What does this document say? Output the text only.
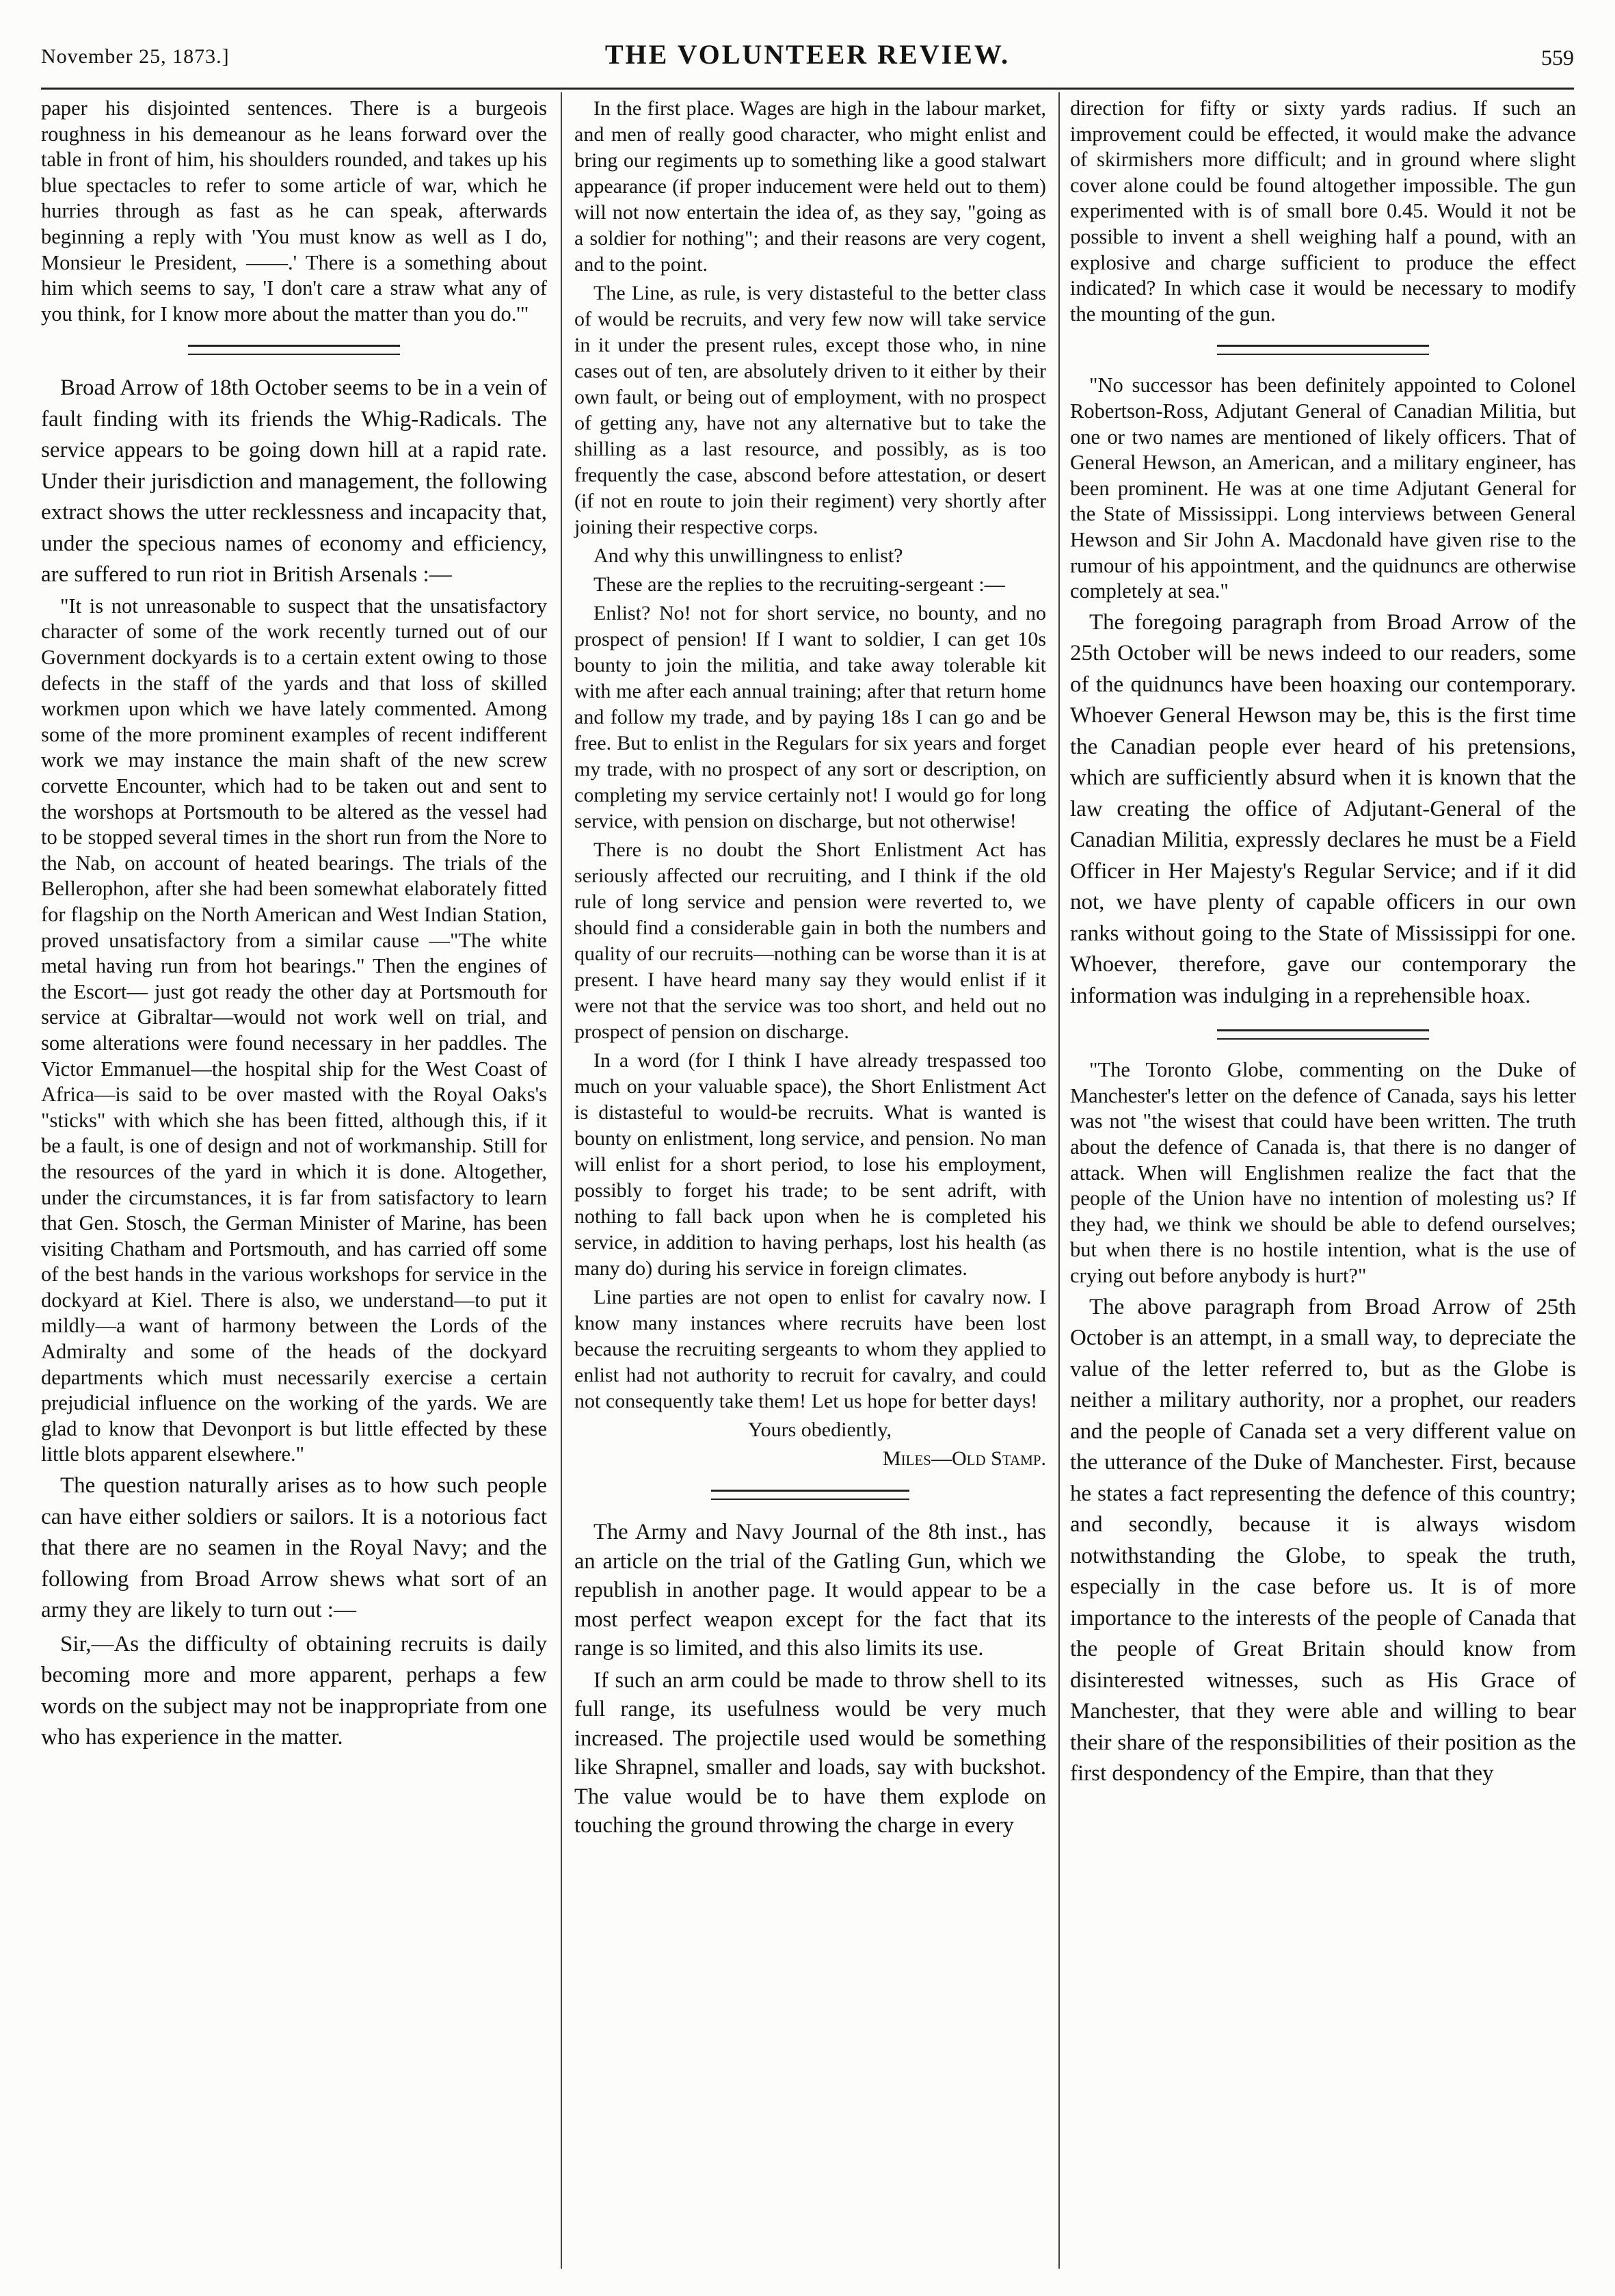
November 25, 1873.]	THE VOLUNTEER REVIEW.	559

paper his disjointed sentences. There is a burgeois roughness in his demeanour as he leans forward over the table in front of him, his shoulders rounded, and takes up his blue spectacles to refer to some article of war, which he hurries through as fast as he can speak, afterwards beginning a reply with 'You must know as well as I do, Monsieur le President, ——.' There is a something about him which seems to say, 'I don't care a straw what any of you think, for I know more about the matter than you do.'"

Broad Arrow of 18th October seems to be in a vein of fault finding with its friends the Whig-Radicals. The service appears to be going down hill at a rapid rate. Under their jurisdiction and management, the following extract shows the utter recklessness and incapacity that, under the specious names of economy and efficiency, are suffered to run riot in British Arsenals :—

"It is not unreasonable to suspect that the unsatisfactory character of some of the work recently turned out of our Government dockyards is to a certain extent owing to those defects in the staff of the yards and that loss of skilled workmen upon which we have lately commented. Among some of the more prominent examples of recent indifferent work we may instance the main shaft of the new screw corvette Encounter, which had to be taken out and sent to the worshops at Portsmouth to be altered as the vessel had to be stopped several times in the short run from the Nore to the Nab, on account of heated bearings. The trials of the Bellerophon, after she had been somewhat elaborately fitted for flagship on the North American and West Indian Station, proved unsatisfactory from a similar cause —"The white metal having run from hot bearings." Then the engines of the Escort— just got ready the other day at Portsmouth for service at Gibraltar—would not work well on trial, and some alterations were found necessary in her paddles. The Victor Emmanuel—the hospital ship for the West Coast of Africa—is said to be over masted with the Royal Oaks's "sticks" with which she has been fitted, although this, if it be a fault, is one of design and not of workmanship. Still for the resources of the yard in which it is done. Altogether, under the circumstances, it is far from satisfactory to learn that Gen. Stosch, the German Minister of Marine, has been visiting Chatham and Portsmouth, and has carried off some of the best hands in the various workshops for service in the dockyard at Kiel. There is also, we understand—to put it mildly—a want of harmony between the Lords of the Admiralty and some of the heads of the dockyard departments which must necessarily exercise a certain prejudicial influence on the working of the yards. We are glad to know that Devonport is but little effected by these little blots apparent elsewhere."

The question naturally arises as to how such people can have either soldiers or sailors. It is a notorious fact that there are no seamen in the Royal Navy; and the following from Broad Arrow shews what sort of an army they are likely to turn out :—

Sir,—As the difficulty of obtaining recruits is daily becoming more and more apparent, perhaps a few words on the subject may not be inappropriate from one who has experience in the matter.

In the first place. Wages are high in the labour market, and men of really good character, who might enlist and bring our regiments up to something like a good stalwart appearance (if proper inducement were held out to them) will not now entertain the idea of, as they say, "going as a soldier for nothing"; and their reasons are very cogent, and to the point.

The Line, as rule, is very distasteful to the better class of would be recruits, and very few now will take service in it under the present rules, except those who, in nine cases out of ten, are absolutely driven to it either by their own fault, or being out of employment, with no prospect of getting any, have not any alternative but to take the shilling as a last resource, and possibly, as is too frequently the case, abscond before attestation, or desert (if not en route to join their regiment) very shortly after joining their respective corps.

And why this unwillingness to enlist?

These are the replies to the recruiting-sergeant :—

Enlist? No! not for short service, no bounty, and no prospect of pension! If I want to soldier, I can get 10s bounty to join the militia, and take away tolerable kit with me after each annual training; after that return home and follow my trade, and by paying 18s I can go and be free. But to enlist in the Regulars for six years and forget my trade, with no prospect of any sort or description, on completing my service certainly not! I would go for long service, with pension on discharge, but not otherwise!

There is no doubt the Short Enlistment Act has seriously affected our recruiting, and I think if the old rule of long service and pension were reverted to, we should find a considerable gain in both the numbers and quality of our recruits—nothing can be worse than it is at present. I have heard many say they would enlist if it were not that the service was too short, and held out no prospect of pension on discharge.

In a word (for I think I have already trespassed too much on your valuable space), the Short Enlistment Act is distasteful to would-be recruits. What is wanted is bounty on enlistment, long service, and pension. No man will enlist for a short period, to lose his employment, possibly to forget his trade; to be sent adrift, with nothing to fall back upon when he is completed his service, in addition to having perhaps, lost his health (as many do) during his service in foreign climates.

Line parties are not open to enlist for cavalry now. I know many instances where recruits have been lost because the recruiting sergeants to whom they applied to enlist had not authority to recruit for cavalry, and could not consequently take them! Let us hope for better days!

Yours obediently,

Miles—Old Stamp.

The Army and Navy Journal of the 8th inst., has an article on the trial of the Gatling Gun, which we republish in another page. It would appear to be a most perfect weapon except for the fact that its range is so limited, and this also limits its use.

If such an arm could be made to throw shell to its full range, its usefulness would be very much increased. The projectile used would be something like Shrapnel, smaller and loads, say with buckshot. The value would be to have them explode on touching the ground throwing the charge in every

direction for fifty or sixty yards radius. If such an improvement could be effected, it would make the advance of skirmishers more difficult; and in ground where slight cover alone could be found altogether impossible. The gun experimented with is of small bore 0.45. Would it not be possible to invent a shell weighing half a pound, with an explosive and charge sufficient to produce the effect indicated? In which case it would be necessary to modify the mounting of the gun.

"No successor has been definitely appointed to Colonel Robertson-Ross, Adjutant General of Canadian Militia, but one or two names are mentioned of likely officers. That of General Hewson, an American, and a military engineer, has been prominent. He was at one time Adjutant General for the State of Mississippi. Long interviews between General Hewson and Sir John A. Macdonald have given rise to the rumour of his appointment, and the quidnuncs are otherwise completely at sea."

The foregoing paragraph from Broad Arrow of the 25th October will be news indeed to our readers, some of the quidnuncs have been hoaxing our contemporary. Whoever General Hewson may be, this is the first time the Canadian people ever heard of his pretensions, which are sufficiently absurd when it is known that the law creating the office of Adjutant-General of the Canadian Militia, expressly declares he must be a Field Officer in Her Majesty's Regular Service; and if it did not, we have plenty of capable officers in our own ranks without going to the State of Mississippi for one. Whoever, therefore, gave our contemporary the information was indulging in a reprehensible hoax.

"The Toronto Globe, commenting on the Duke of Manchester's letter on the defence of Canada, says his letter was not "the wisest that could have been written. The truth about the defence of Canada is, that there is no danger of attack. When will Englishmen realize the fact that the people of the Union have no intention of molesting us? If they had, we think we should be able to defend ourselves; but when there is no hostile intention, what is the use of crying out before anybody is hurt?"

The above paragraph from Broad Arrow of 25th October is an attempt, in a small way, to depreciate the value of the letter referred to, but as the Globe is neither a military authority, nor a prophet, our readers and the people of Canada set a very different value on the utterance of the Duke of Manchester. First, because he states a fact representing the defence of this country; and secondly, because it is always wisdom notwithstanding the Globe, to speak the truth, especially in the case before us. It is of more importance to the interests of the people of Canada that the people of Great Britain should know from disinterested witnesses, such as His Grace of Manchester, that they were able and willing to bear their share of the responsibilities of their position as the first despondency of the Empire, than that they
